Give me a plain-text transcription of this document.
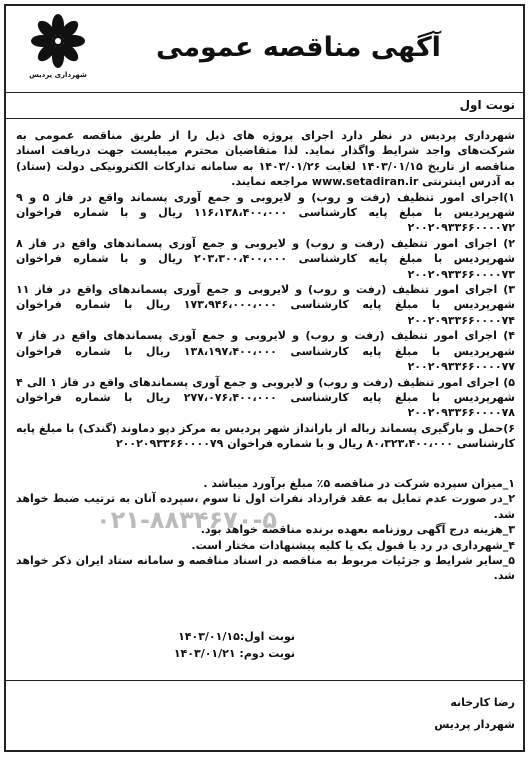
شهرداری پردیس
آگهی مناقصه عمومی
نوبت اول

شهرداری پردیس در نظر دارد اجرای پروژه های ذیل را از طریق مناقصه عمومی به شرکت‌های واجد شرایط واگذار نماید. لذا متقاضیان محترم میبایست جهت دریافت اسناد مناقصه از تاریخ ۱۴۰۳/۰۱/۱۵ لغایت ۱۴۰۳/۰۱/۲۶ به سامانه تدارکات الکترونیکی دولت (ستاد) به آدرس اینترنتی www.setadiran.ir مراجعه نمایند.

۱)اجرای امور تنظیف (رفت و روب) و لایروبی و جمع آوری پسماند واقع در فاز ۵ و ۹ شهرپردیس با مبلغ پایه کارشناسی ۱۱۶،۱۳۸،۴۰۰،۰۰۰ ریال و با شماره فراخوان ۲۰۰۲۰۹۳۳۶۶۰۰۰۰۷۲

۲) اجرای امور تنظیف (رفت و روب) و لایروبی و جمع آوری پسماندهای واقع در فاز ۸ شهرپردیس با مبلغ پایه کارشناسی ۲۰۳،۳۰۰،۴۰۰،۰۰۰ ریال و با شماره فراخوان ۲۰۰۲۰۹۳۳۶۶۰۰۰۰۷۳

۳) اجرای امور تنظیف (رفت و روب) و لایروبی و جمع آوری پسماندهای واقع در فاز ۱۱ شهرپردیس با مبلغ پایه کارشناسی ۱۷۳،۹۴۶،۰۰۰،۰۰۰ ریال با شماره فراخوان ۲۰۰۲۰۹۳۳۶۶۰۰۰۰۷۴

۴) اجرای امور تنظیف (رفت و روب) و لایروبی و جمع آوری پسماندهای واقع در فاز ۷ شهرپردیس با مبلغ پایه کارشناسی ۱۳۸،۱۹۷،۴۰۰،۰۰۰ ریال با شماره فراخوان ۲۰۰۲۰۹۳۳۶۶۰۰۰۰۷۷

۵) اجرای امور تنظیف (رفت و روب) و لایروبی و جمع آوری پسماندهای واقع در فاز ۱ الی ۴ شهرپردیس با مبلغ پایه کارشناسی ۲۷۷،۰۷۶،۴۰۰،۰۰۰ ریال با شماره فراخوان ۲۰۰۲۰۹۳۳۶۶۰۰۰۰۷۸

۶)حمل و بارگیری پسماند زباله از بارانداز شهر پردیس به مرکز دپو دماوند (گندک) با مبلغ پایه کارشناسی ۸۰،۳۲۳،۴۰۰،۰۰۰ ریال و با شماره فراخوان ۲۰۰۲۰۹۳۳۶۶۰۰۰۰۷۹

۰۲۱-۸۸۳۴۶۷۰-۵

۱_میزان سپرده شرکت در مناقصه ۵٪ مبلغ برآورد میباشد .

۲_در صورت عدم تمایل به عقد قرارداد نفرات اول تا سوم ،سپرده آنان به ترتیب ضبط خواهد شد.

۳_هزینه درج آگهی روزنامه بعهده برنده مناقصه خواهد بود.

۴_شهرداری در رد یا قبول یک یا کلیه پیشنهادات مختار است.

۵_سایر شرایط و جزئیات مربوط به مناقصه در اسناد مناقصه و سامانه ستاد ایران ذکر خواهد شد.

نوبت اول:۱۴۰۳/۰۱/۱۵
نوبت دوم: ۱۴۰۳/۰۱/۲۱
رضا کارخانه
شهردار پردیس
